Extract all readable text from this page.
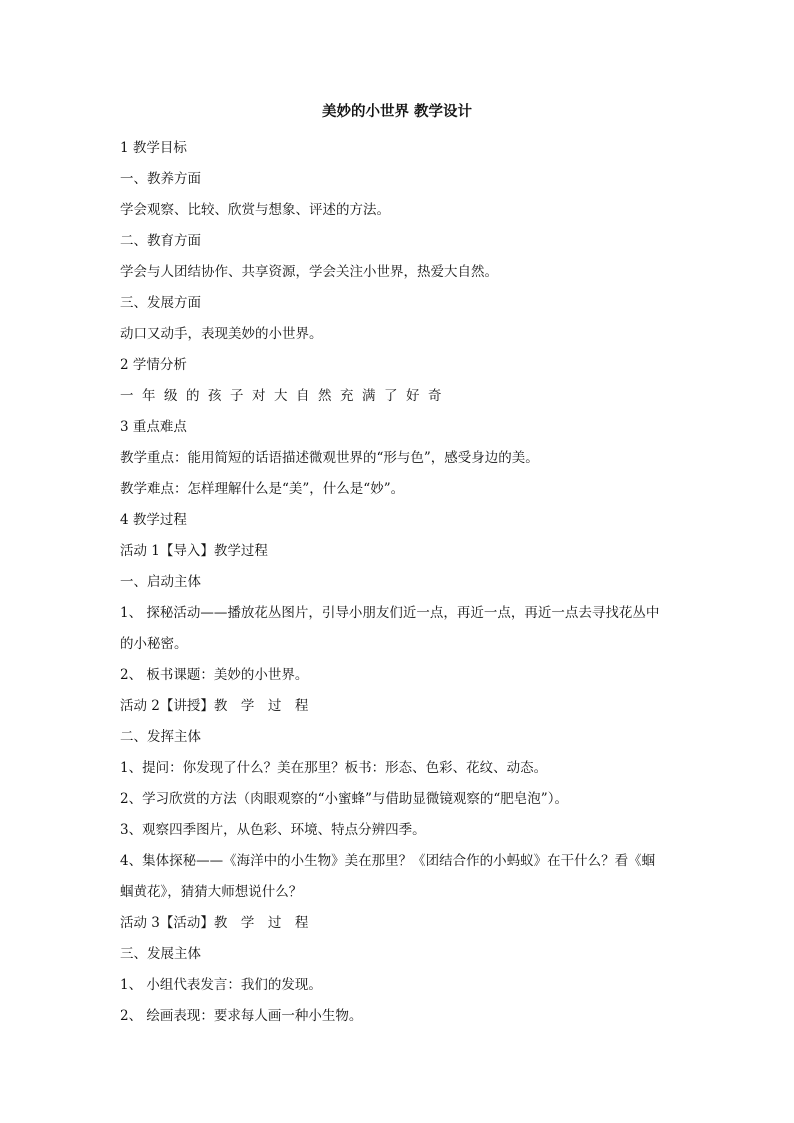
美妙的小世界 教学设计
1 教学目标
一、教养方面
学会观察、比较、欣赏与想象、评述的方法。
二、教育方面
学会与人团结协作、共享资源，学会关注小世界，热爱大自然。
三、发展方面
动口又动手，表现美妙的小世界。
2 学情分析
一年级的孩子对大自然充满了好奇
3 重点难点
教学重点：能用简短的话语描述微观世界的“形与色”，感受身边的美。
教学难点：怎样理解什么是“美”，什么是“妙”。
4 教学过程
活动 1【导入】教学过程
一、启动主体
1、 探秘活动——播放花丛图片，引导小朋友们近一点，再近一点，再近一点去寻找花丛中
的小秘密。
2、 板书课题：美妙的小世界。
活动 2【讲授】教　学　过　程
二、发挥主体
1、提问：你发现了什么？美在那里？板书：形态、色彩、花纹、动态。
2、学习欣赏的方法（肉眼观察的“小蜜蜂”与借助显微镜观察的“肥皂泡”）。
3、观察四季图片，从色彩、环境、特点分辨四季。
4、集体探秘——《海洋中的小生物》美在那里？《团结合作的小蚂蚁》在干什么？看《蝈
蝈黄花》，猜猜大师想说什么？
活动 3【活动】教　学　过　程
三、发展主体
1、 小组代表发言：我们的发现。
2、 绘画表现：要求每人画一种小生物。
